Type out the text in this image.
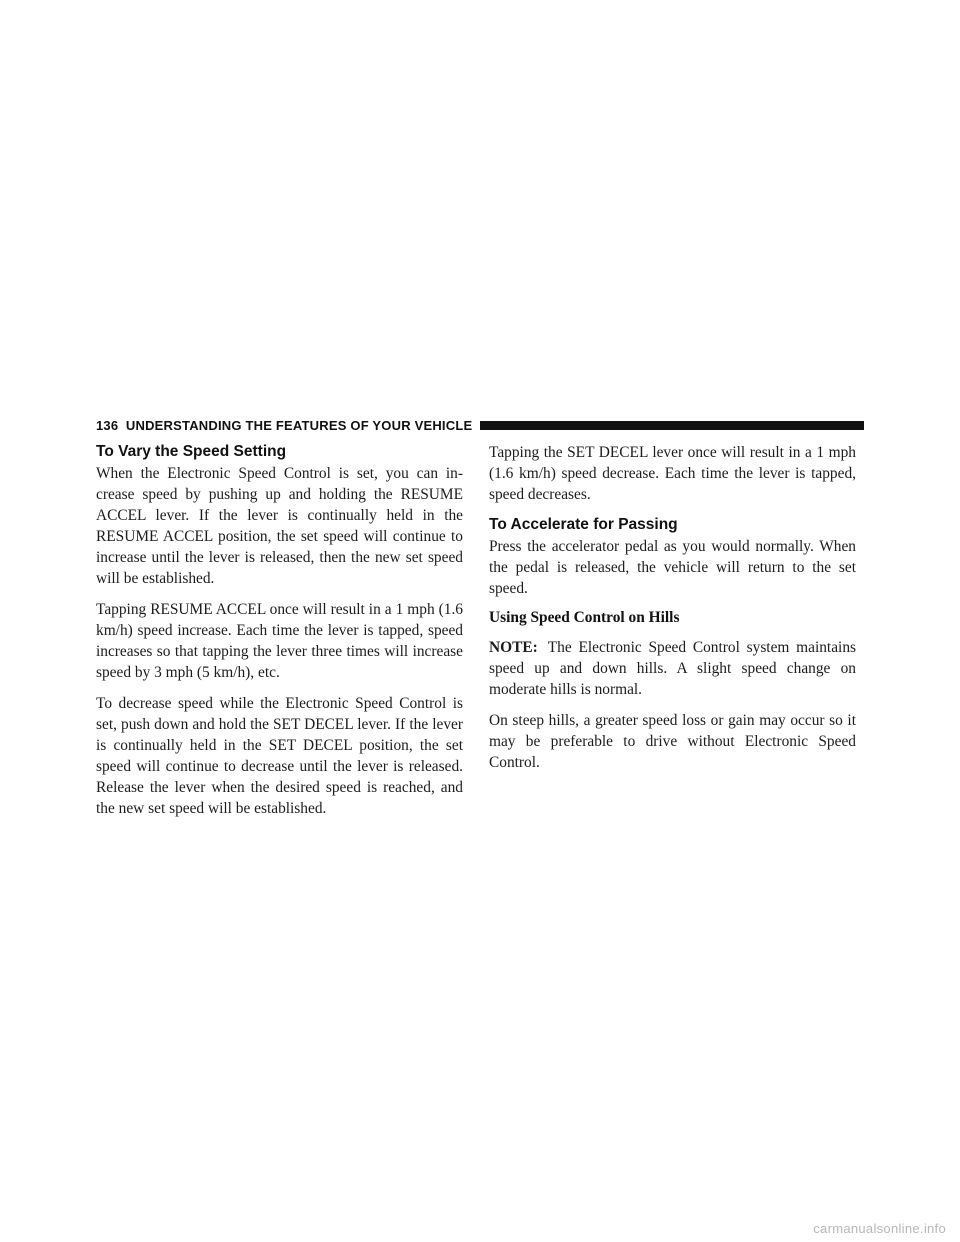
136 UNDERSTANDING THE FEATURES OF YOUR VEHICLE
To Vary the Speed Setting

When the Electronic Speed Control is set, you can in-crease speed by pushing up and holding the RESUME ACCEL lever. If the lever is continually held in the RESUME ACCEL position, the set speed will continue to increase until the lever is released, then the new set speed will be established.

Tapping RESUME ACCEL once will result in a 1 mph (1.6 km/h) speed increase. Each time the lever is tapped, speed increases so that tapping the lever three times will increase speed by 3 mph (5 km/h), etc.

To decrease speed while the Electronic Speed Control is set, push down and hold the SET DECEL lever. If the lever is continually held in the SET DECEL position, the set speed will continue to decrease until the lever is released. Release the lever when the desired speed is reached, and the new set speed will be established.

Tapping the SET DECEL lever once will result in a 1 mph (1.6 km/h) speed decrease. Each time the lever is tapped, speed decreases.

To Accelerate for Passing

Press the accelerator pedal as you would normally. When the pedal is released, the vehicle will return to the set speed.

Using Speed Control on Hills

NOTE: The Electronic Speed Control system maintains speed up and down hills. A slight speed change on moderate hills is normal.

On steep hills, a greater speed loss or gain may occur so it may be preferable to drive without Electronic Speed Control.

carmanualsonline.info
